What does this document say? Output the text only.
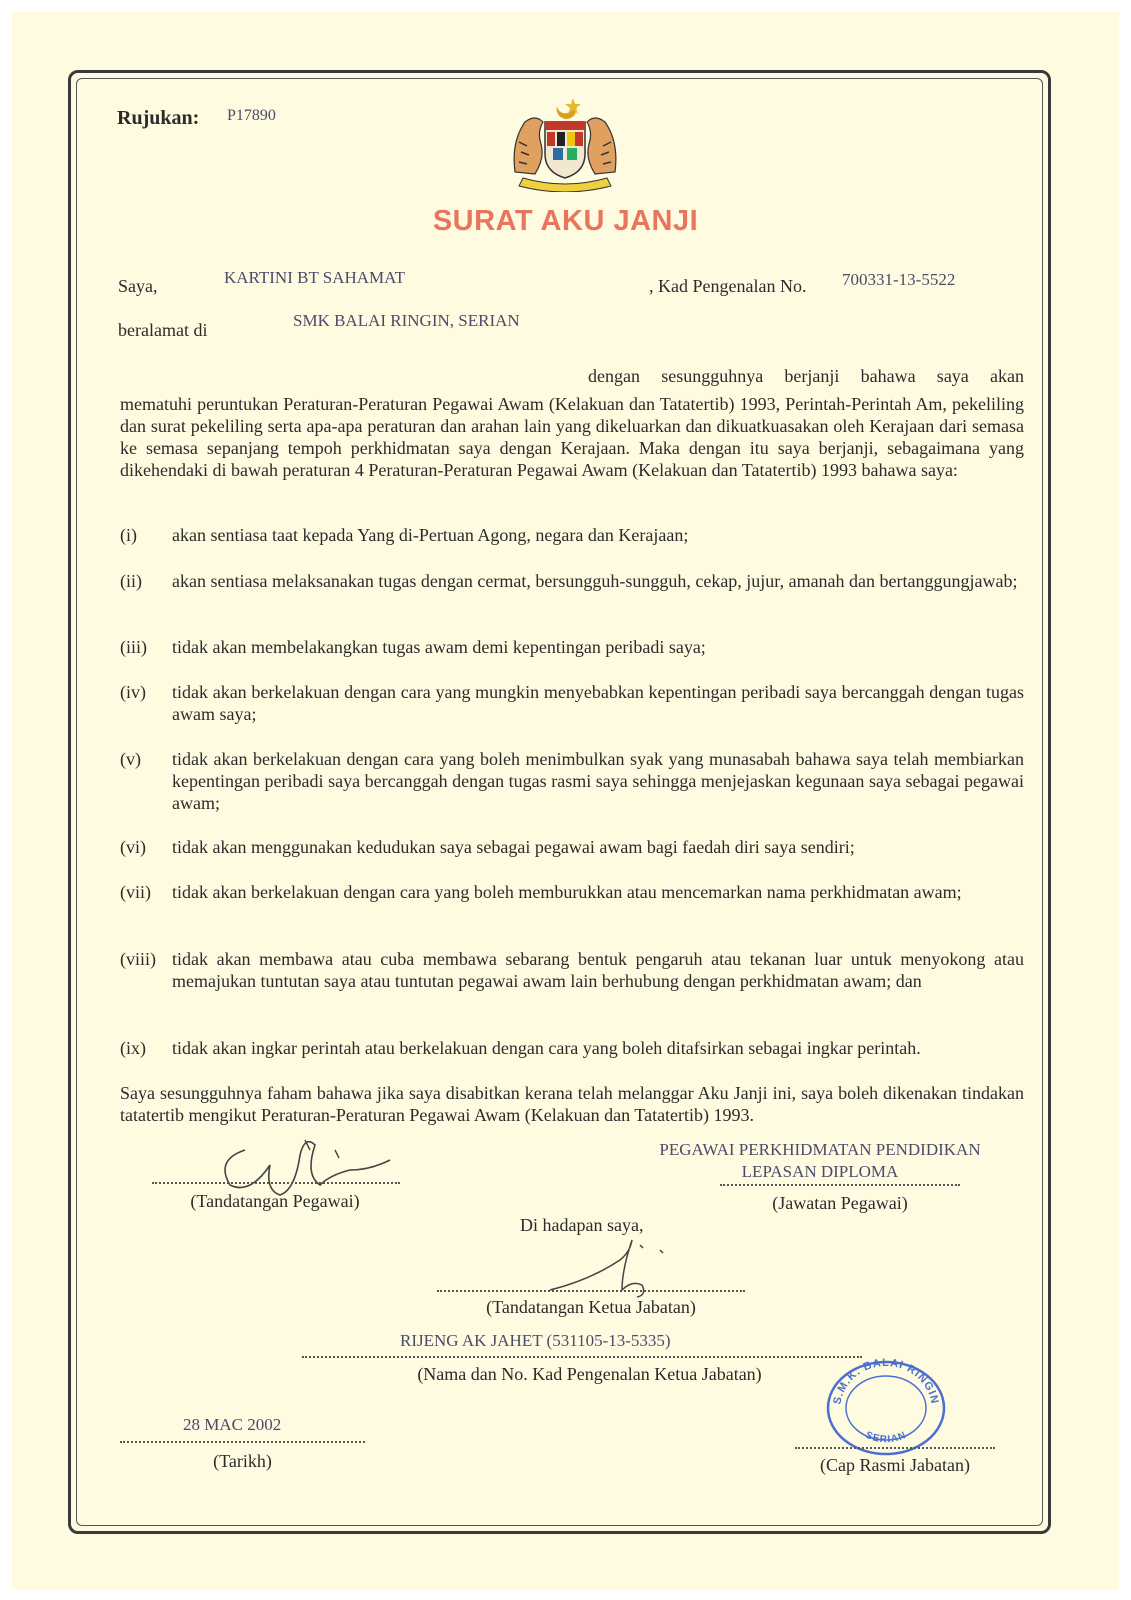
Rujukan: P17890
SURAT AKU JANJI
Saya,	KARTINI BT SAHAMAT	, Kad Pengenalan No. 700331-13-5522
beralamat di	SMK BALAI RINGIN, SERIAN
dengan sesungguhnya berjanji bahawa saya akan
mematuhi peruntukan Peraturan-Peraturan Pegawai Awam (Kelakuan dan Tatatertib) 1993, Perintah-Perintah Am, pekeliling dan surat pekeliling serta apa-apa peraturan dan arahan lain yang dikeluarkan dan dikuatkuasakan oleh Kerajaan dari semasa ke semasa sepanjang tempoh perkhidmatan saya dengan Kerajaan. Maka dengan itu saya berjanji, sebagaimana yang dikehendaki di bawah peraturan 4 Peraturan-Peraturan Pegawai Awam (Kelakuan dan Tatatertib) 1993 bahawa saya:
(i) akan sentiasa taat kepada Yang di-Pertuan Agong, negara dan Kerajaan;
(ii) akan sentiasa melaksanakan tugas dengan cermat, bersungguh-sungguh, cekap, jujur, amanah dan bertanggungjawab;
(iii) tidak akan membelakangkan tugas awam demi kepentingan peribadi saya;
(iv) tidak akan berkelakuan dengan cara yang mungkin menyebabkan kepentingan peribadi saya bercanggah dengan tugas awam saya;
(v) tidak akan berkelakuan dengan cara yang boleh menimbulkan syak yang munasabah bahawa saya telah membiarkan kepentingan peribadi saya bercanggah dengan tugas rasmi saya sehingga menjejaskan kegunaan saya sebagai pegawai awam;
(vi) tidak akan menggunakan kedudukan saya sebagai pegawai awam bagi faedah diri saya sendiri;
(vii) tidak akan berkelakuan dengan cara yang boleh memburukkan atau mencemarkan nama perkhidmatan awam;
(viii) tidak akan membawa atau cuba membawa sebarang bentuk pengaruh atau tekanan luar untuk menyokong atau memajukan tuntutan saya atau tuntutan pegawai awam lain berhubung dengan perkhidmatan awam; dan
(ix) tidak akan ingkar perintah atau berkelakuan dengan cara yang boleh ditafsirkan sebagai ingkar perintah.
Saya sesungguhnya faham bahawa jika saya disabitkan kerana telah melanggar Aku Janji ini, saya boleh dikenakan tindakan tatatertib mengikut Peraturan-Peraturan Pegawai Awam (Kelakuan dan Tatatertib) 1993.
(Tandatangan Pegawai)
PEGAWAI PERKHIDMATAN PENDIDIKAN
LEPASAN DIPLOMA
(Jawatan Pegawai)
Di hadapan saya,
(Tandatangan Ketua Jabatan)
RIJENG AK JAHET (531105-13-5335)
(Nama dan No. Kad Pengenalan Ketua Jabatan)
28 MAC 2002
(Tarikh)
S.M.K. BALAI RINGIN
SERIAN
(Cap Rasmi Jabatan)
